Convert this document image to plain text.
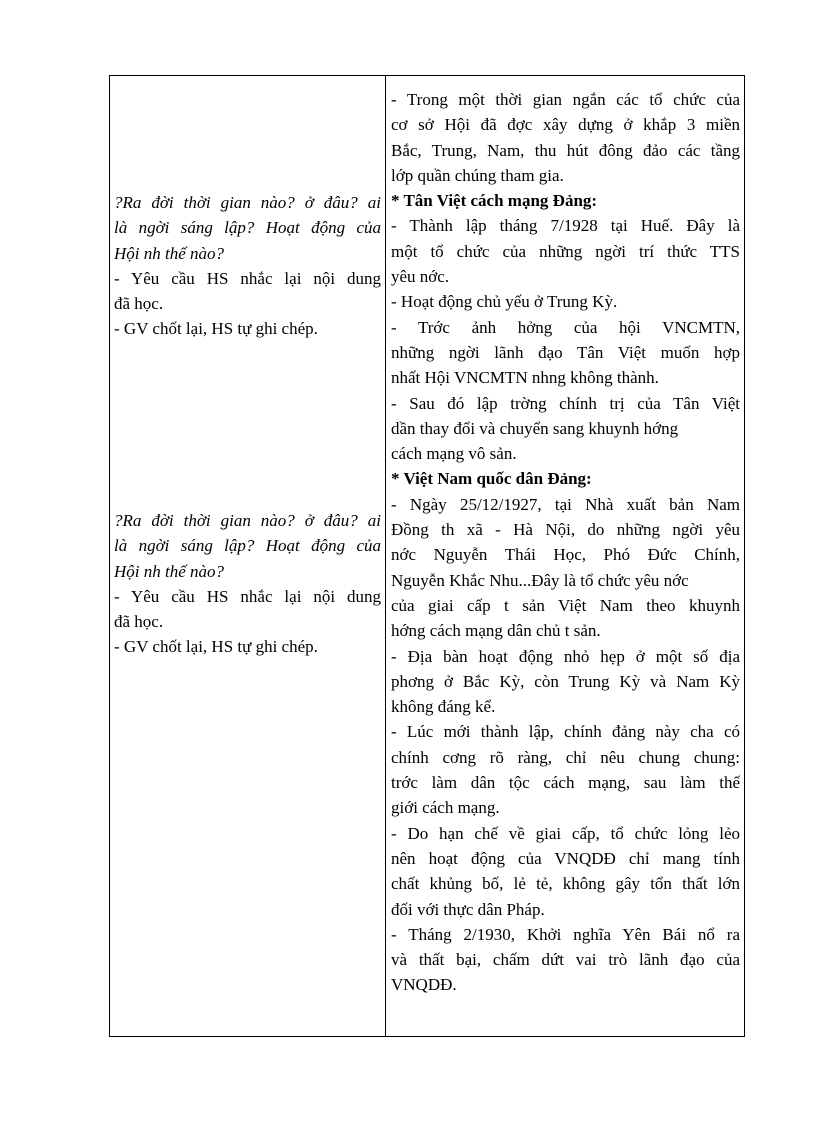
?Ra đời thời gian nào? ở đâu? ai
là ngời sáng lập? Hoạt động của
Hội nh thế nào?
- Yêu cầu HS nhắc lại nội dung
đã học.
- GV chốt lại, HS tự ghi chép.
?Ra đời thời gian nào? ở đâu? ai
là ngời sáng lập? Hoạt động của
Hội nh thế nào?
- Yêu cầu HS nhắc lại nội dung
đã học.
- GV chốt lại, HS tự ghi chép.
- Trong một thời gian ngắn các tổ chức của
cơ sở Hội đã đợc xây dựng ở khắp 3 miền
Bắc, Trung, Nam, thu hút đông đảo các tầng
lớp quần chúng tham gia.
* Tân Việt cách mạng Đảng:
- Thành lập tháng 7/1928 tại Huế. Đây là
một tổ chức của những ngời trí thức TTS
yêu nớc.
- Hoạt động chủ yếu ở Trung Kỳ.
- Trớc ảnh hởng của hội VNCMTN,
những ngời lãnh đạo Tân Việt muốn hợp
nhất Hội VNCMTN nhng không thành.
- Sau đó lập trờng chính trị của Tân Việt
dần thay đổi và chuyển sang khuynh hớng
cách mạng vô sản.
* Việt Nam quốc dân Đảng:
- Ngày 25/12/1927, tại Nhà xuất bản Nam
Đồng th xã - Hà Nội, do những ngời yêu
nớc Nguyễn Thái Học, Phó Đức Chính,
Nguyễn Khắc Nhu...Đây là tổ chức yêu nớc
của giai cấp t sản Việt Nam theo khuynh
hớng cách mạng dân chủ t sản.
- Địa bàn hoạt động nhỏ hẹp ở một số địa
phơng ở Bắc Kỳ, còn Trung Kỳ và Nam Kỳ
không đáng kể.
- Lúc mới thành lập, chính đảng này cha có
chính cơng rõ ràng, chỉ nêu chung chung:
trớc làm dân tộc cách mạng, sau làm thế
giới cách mạng.
- Do hạn chế về giai cấp, tổ chức lỏng lẻo
nên hoạt động của VNQDĐ chỉ mang tính
chất khủng bố, lẻ tẻ, không gây tổn thất lớn
đối với thực dân Pháp.
- Tháng 2/1930, Khởi nghĩa Yên Bái nổ ra
và thất bại, chấm dứt vai trò lãnh đạo của
VNQDĐ.
